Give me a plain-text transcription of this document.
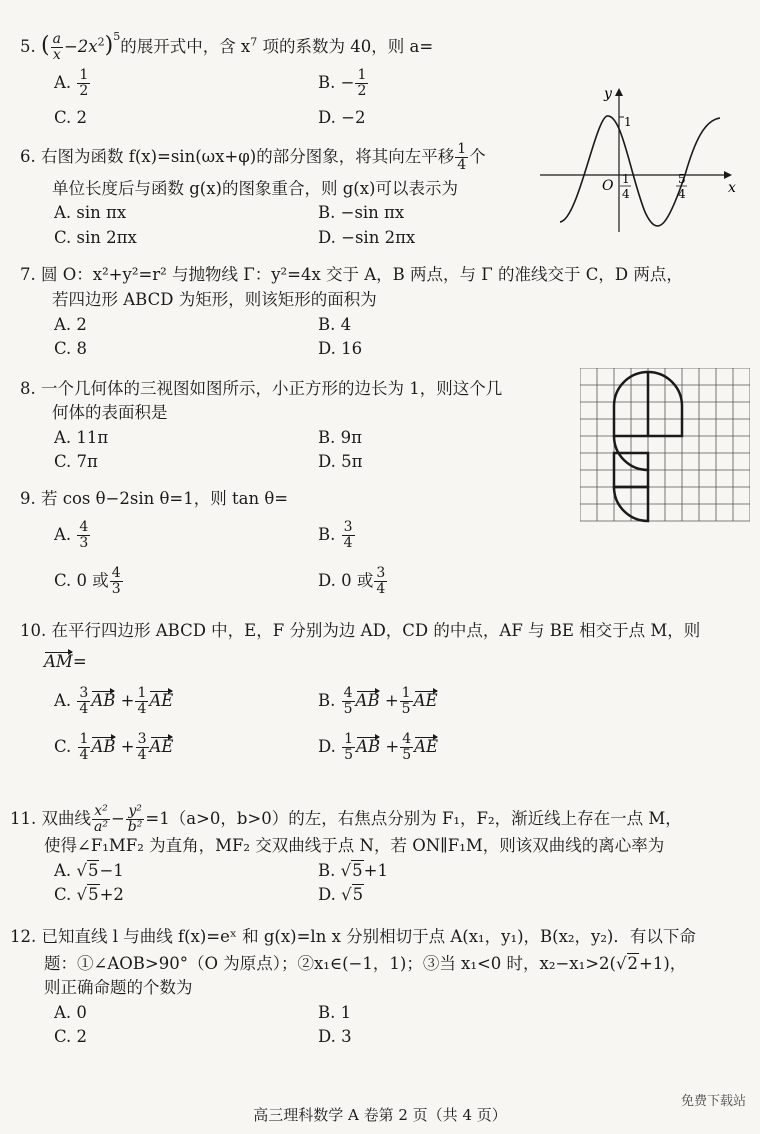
5. ( $\frac{a}{x} -2x^2)^5$的展开式中，含 $x^7$ 项的系数为 40，则 a=
A. $\frac{1}{2}$	B. − $\frac{1}{2}$
C. 2	D. −2	1
y
x
O 1
4
5
4
6. 右图为函数 f(x)=sin(ωx+φ)的部分图象，将其向左平移 $\frac{1}{4}$ 个
单位长度后与函数 g(x)的图象重合，则 g(x)可以表示为
A. sin πx	B. −sin πx
C. sin 2πx	D. −sin 2πx
7. 圆 O：x²+y²=r² 与抛物线 Γ：y²=4x 交于 A，B 两点，与 Γ 的准线交于 C，D 两点，
若四边形 ABCD 为矩形，则该矩形的面积为
A. 2	B. 4
C. 8	D. 16
8. 一个几何体的三视图如图所示，小正方形的边长为 1，则这个几
何体的表面积是
A. 11π	B. 9π
C. 7π	D. 5π
9. 若 cos θ−2sin θ=1，则 tan θ=
A. $\frac{4}{3}$	B. $\frac{3}{4}$
C. 0 或 $\frac{4}{3}$	D. 0 或 $\frac{3}{4}$
10. 在平行四边形 ABCD 中，E，F 分别为边 AD，CD 的中点，AF 与 BE 相交于点 M，则
AM=
A. $\frac{3}{4}$ AB + $\frac{1}{4}$ AE	B. $\frac{4}{5}$ AB + $\frac{1}{5}$ AE
C. $\frac{1}{4}$ AB + $\frac{3}{4}$ AE	D. $\frac{1}{5}$ AB + $\frac{4}{5}$ AE
11. 双曲线 $\frac{\text{x²}}{\text{a²}} - \frac{\text{y²}}{\text{b²}} =1(a>0$，b>0）的左，右焦点分别为 F₁，F₂，渐近线上存在一点 M，
使得∠F₁MF₂ 为直角，MF₂ 交双曲线于点 N，若 ON∥F₁M，则该双曲线的离心率为
A. √5−1	B. √5+1
C. √5+2	D. √5
12. 已知直线 l 与曲线 f(x)=eˣ 和 g(x)=ln x 分别相切于点 A(x₁，y₁)，B(x₂，y₂)．有以下命
题：①∠AOB>90°（O 为原点）；②x₁∈(−1，1)；③当 x₁<0 时，x₂−x₁>2(√2+1)，
则正确命题的个数为
A. 0	B. 1
C. 2	D. 3
高三理科数学 A 卷第 2 页（共 4 页）
免费下载站
